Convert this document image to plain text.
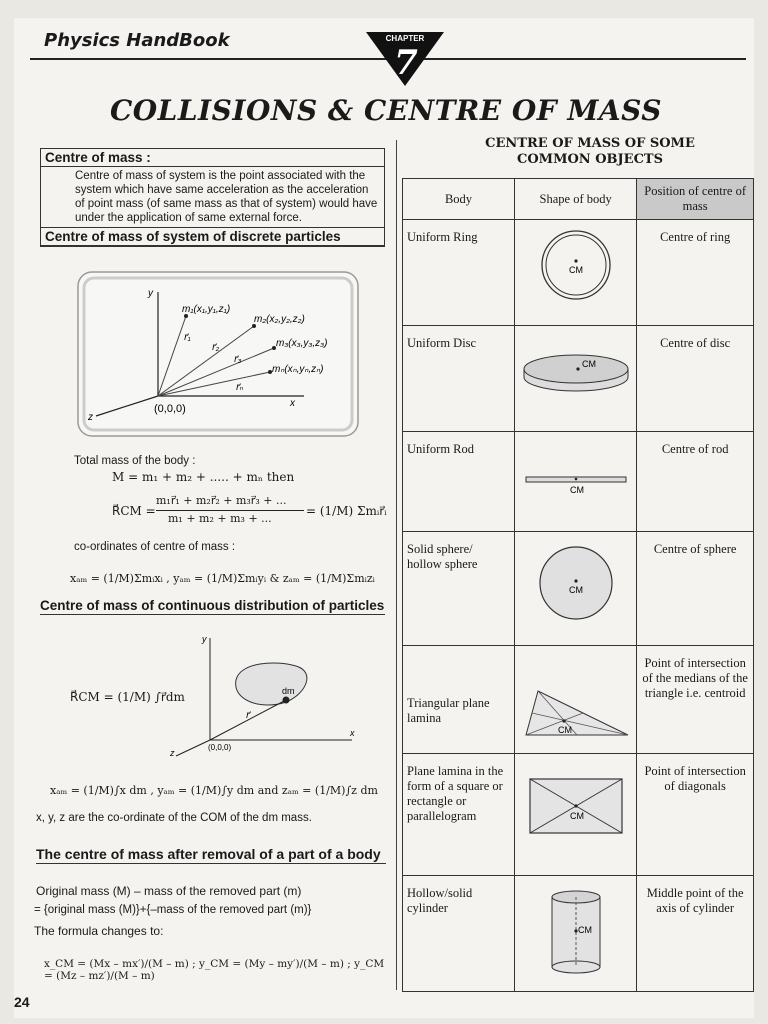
Physics HandBook	CHAPTER
7
COLLISIONS & CENTRE OF MASS
Centre of mass :
Centre of mass of system is the point associated with the system which have same acceleration as the acceleration of point mass (of same mass as that of system) would have under the application of same external force.
Centre of mass of system of discrete particles
y
x
z
(0,0,0)
m₁(x₁,y₁,z₁)
m₂(x₂,y₂,z₂)
m₃(x₃,y₃,z₃)
mₙ(xₙ,yₙ,zₙ)
r⃗₁
r⃗₂
r⃗₃
r⃗ₙ
Total mass of the body :
M = m₁ + m₂ + ..... + mₙ then
R⃗CM =
m₁r⃗₁ + m₂r⃗₂ + m₃r⃗₃ + ...
m₁ + m₂ + m₃ + ...
= (1/M) Σmᵢr⃗ᵢ
co-ordinates of centre of mass :
xₐₘ = (1/M)Σmᵢxᵢ , yₐₘ = (1/M)Σmᵢyᵢ & zₐₘ = (1/M)Σmᵢzᵢ
Centre of mass of continuous distribution of particles
R⃗CM = (1/M) ∫r⃗dm	dm
r⃗
(0,0,0)
y
x
z
xₐₘ = (1/M)∫x dm , yₐₘ = (1/M)∫y dm and zₐₘ = (1/M)∫z dm
x, y, z are the co-ordinate of the COM of the dm mass.
The centre of mass after removal of a part of a body
Original mass (M) – mass of the removed part (m)
= {original mass (M)}+{–mass of the removed part (m)}
The formula changes to:
x_CM = (Mx – mx′)/(M – m) ; y_CM = (My – my′)/(M – m) ; y_CM = (Mz – mz′)/(M – m)
CENTRE OF MASS OF SOME
COMMON OBJECTS
Body	Shape of body	Position of centre of mass
Uniform Ring	CM	Centre of ring
Uniform Disc	CM	Centre of disc
Uniform Rod	CM	Centre of rod
Solid sphere/ hollow sphere	CM	Centre of sphere
Triangular plane lamina	CM	Point of intersection of the medians of the triangle i.e. centroid
Plane lamina in the form of a square or rectangle or parallelogram	CM	Point of intersection of diagonals
Hollow/solid cylinder	CM	Middle point of the axis of cylinder
24
